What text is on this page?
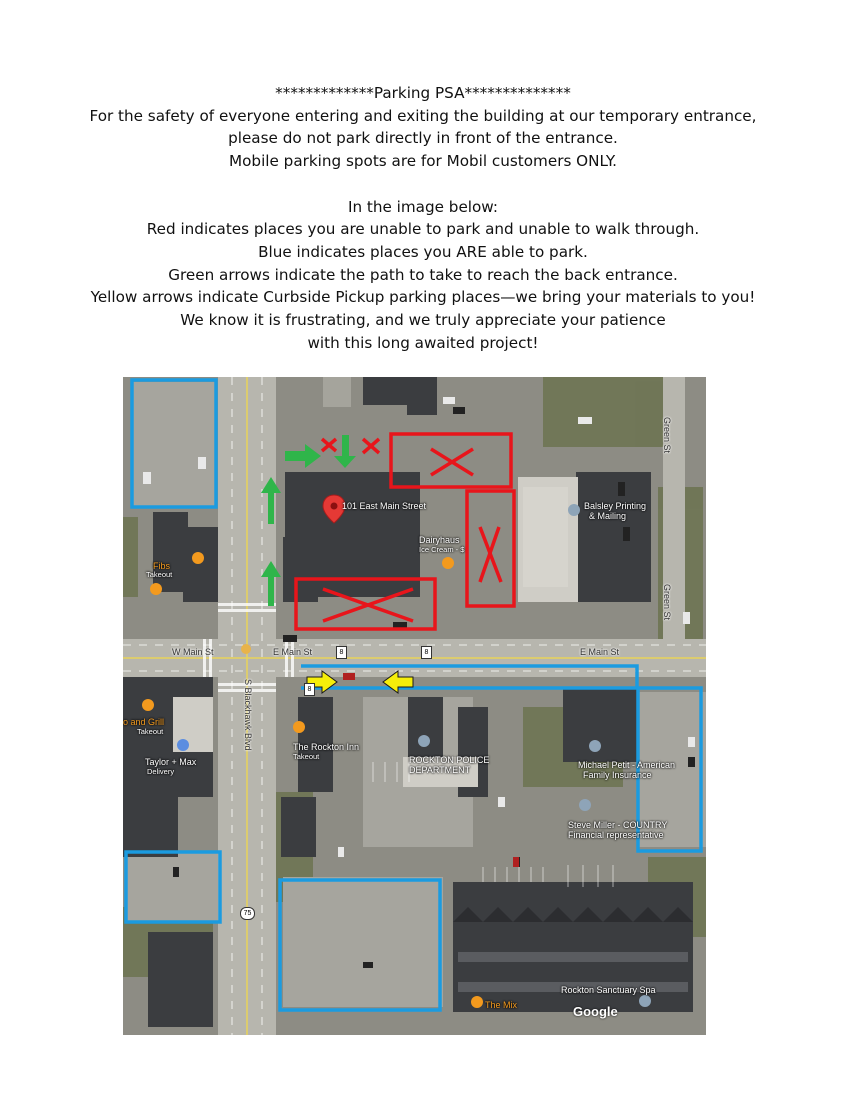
*************Parking PSA**************

For the safety of everyone entering and exiting the building at our temporary entrance,

please do not park directly in front of the entrance.

Mobile parking spots are for Mobil customers ONLY.

In the image below:

Red indicates places you are unable to park and unable to walk through.

Blue indicates places you ARE able to park.

Green arrows indicate the path to take to reach the back entrance.

Yellow arrows indicate Curbside Pickup parking places—we bring your materials to you!

We know it is frustrating, and we truly appreciate your patience

with this long awaited project!

Green St
Green St
W Main St	E Main St	E Main St
S Blackhawk Blvd
8	8
8
75
101 East Main Street
Dairyhaus
Ice Cream - $
Balsley Printing
& Mailing
Fibs
Takeout
o and Grill
Takeout
Taylor + Max
Delivery
The Rockton Inn
Takeout	ROCKTON POLICE
DEPARTMENT	Michael Petit - American
Family Insurance
Steve Miller - COUNTRY
Financial representative
The Mix
Rockton Sanctuary Spa
Google
